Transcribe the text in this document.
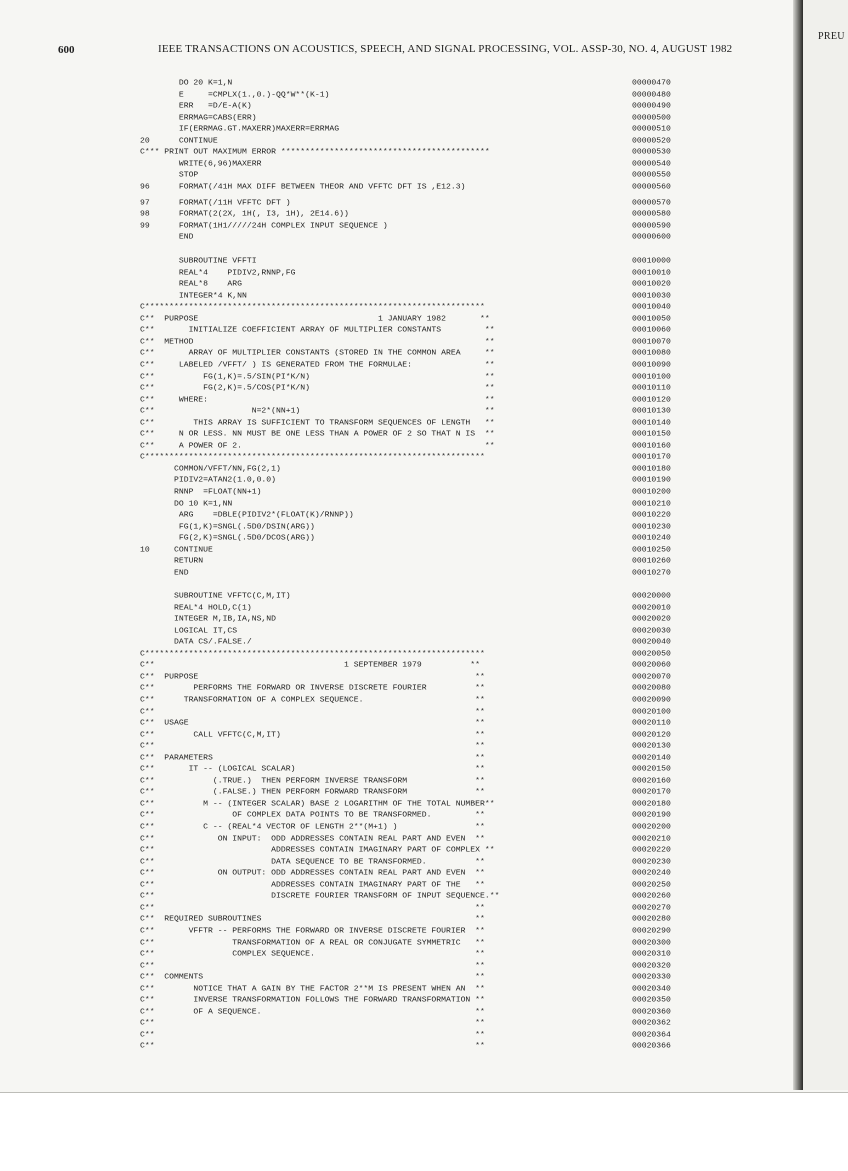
PREU
600	IEEE TRANSACTIONS ON ACOUSTICS, SPEECH, AND SIGNAL PROCESSING, VOL. ASSP-30, NO. 4, AUGUST 1982
DO 20 K=1,N	00000470
E     =CMPLX(1.,0.)-QQ*W**(K-1)	00000480
ERR   =D/E-A(K)	00000490
ERRMAG=CABS(ERR)	00000500
IF(ERRMAG.GT.MAXERR)MAXERR=ERRMAG	00000510
20      CONTINUE	00000520
C*** PRINT OUT MAXIMUM ERROR *******************************************	00000530
WRITE(6,96)MAXERR	00000540
STOP	00000550
96      FORMAT(/41H MAX DIFF BETWEEN THEOR AND VFFTC DFT IS ,E12.3)	00000560
97      FORMAT(/11H VFFTC DFT )	00000570
98      FORMAT(2(2X, 1H(, I3, 1H), 2E14.6))	00000580
99      FORMAT(1H1/////24H COMPLEX INPUT SEQUENCE )	00000590
END	00000600
SUBROUTINE VFFTI	00010000
REAL*4    PIDIV2,RNNP,FG	00010010
REAL*8    ARG	00010020
INTEGER*4 K,NN	00010030
C**********************************************************************	00010040
C**  PURPOSE                                     1 JANUARY 1982       **	00010050
C**       INITIALIZE COEFFICIENT ARRAY OF MULTIPLIER CONSTANTS         **	00010060
C**  METHOD                                                            **	00010070
C**       ARRAY OF MULTIPLIER CONSTANTS (STORED IN THE COMMON AREA     **	00010080
C**     LABELED /VFFT/ ) IS GENERATED FROM THE FORMULAE:               **	00010090
C**          FG(1,K)=.5/SIN(PI*K/N)                                    **	00010100
C**          FG(2,K)=.5/COS(PI*K/N)                                    **	00010110
C**     WHERE:                                                         **	00010120
C**                    N=2*(NN+1)                                      **	00010130
C**        THIS ARRAY IS SUFFICIENT TO TRANSFORM SEQUENCES OF LENGTH   **	00010140
C**     N OR LESS. NN MUST BE ONE LESS THAN A POWER OF 2 SO THAT N IS  **	00010150
C**     A POWER OF 2.                                                  **	00010160
C**********************************************************************	00010170
COMMON/VFFT/NN,FG(2,1)	00010180
PIDIV2=ATAN2(1.0,0.0)	00010190
RNNP  =FLOAT(NN+1)	00010200
DO 10 K=1,NN	00010210
ARG    =DBLE(PIDIV2*(FLOAT(K)/RNNP))	00010220
FG(1,K)=SNGL(.5D0/DSIN(ARG))	00010230
FG(2,K)=SNGL(.5D0/DCOS(ARG))	00010240
10     CONTINUE	00010250
RETURN	00010260
END	00010270
SUBROUTINE VFFTC(C,M,IT)	00020000
REAL*4 HOLD,C(1)	00020010
INTEGER M,IB,IA,NS,ND	00020020
LOGICAL IT,CS	00020030
DATA CS/.FALSE./	00020040
C**********************************************************************	00020050
C**                                       1 SEPTEMBER 1979          **	00020060
C**  PURPOSE                                                         **	00020070
C**        PERFORMS THE FORWARD OR INVERSE DISCRETE FOURIER          **	00020080
C**      TRANSFORMATION OF A COMPLEX SEQUENCE.                       **	00020090
C**                                                                  **	00020100
C**  USAGE                                                           **	00020110
C**        CALL VFFTC(C,M,IT)                                        **	00020120
C**                                                                  **	00020130
C**  PARAMETERS                                                      **	00020140
C**       IT -- (LOGICAL SCALAR)                                     **	00020150
C**            (.TRUE.)  THEN PERFORM INVERSE TRANSFORM              **	00020160
C**            (.FALSE.) THEN PERFORM FORWARD TRANSFORM              **	00020170
C**          M -- (INTEGER SCALAR) BASE 2 LOGARITHM OF THE TOTAL NUMBER**	00020180
C**                OF COMPLEX DATA POINTS TO BE TRANSFORMED.         **	00020190
C**          C -- (REAL*4 VECTOR OF LENGTH 2**(M+1) )                **	00020200
C**             ON INPUT:  ODD ADDRESSES CONTAIN REAL PART AND EVEN  **	00020210
C**                        ADDRESSES CONTAIN IMAGINARY PART OF COMPLEX **	00020220
C**                        DATA SEQUENCE TO BE TRANSFORMED.          **	00020230
C**             ON OUTPUT: ODD ADDRESSES CONTAIN REAL PART AND EVEN  **	00020240
C**                        ADDRESSES CONTAIN IMAGINARY PART OF THE   **	00020250
C**                        DISCRETE FOURIER TRANSFORM OF INPUT SEQUENCE.**	00020260
C**                                                                  **	00020270
C**  REQUIRED SUBROUTINES                                            **	00020280
C**       VFFTR -- PERFORMS THE FORWARD OR INVERSE DISCRETE FOURIER  **	00020290
C**                TRANSFORMATION OF A REAL OR CONJUGATE SYMMETRIC   **	00020300
C**                COMPLEX SEQUENCE.                                 **	00020310
C**                                                                  **	00020320
C**  COMMENTS                                                        **	00020330
C**        NOTICE THAT A GAIN BY THE FACTOR 2**M IS PRESENT WHEN AN  **	00020340
C**        INVERSE TRANSFORMATION FOLLOWS THE FORWARD TRANSFORMATION **	00020350
C**        OF A SEQUENCE.                                            **	00020360
C**                                                                  **	00020362
C**                                                                  **	00020364
C**                                                                  **	00020366
